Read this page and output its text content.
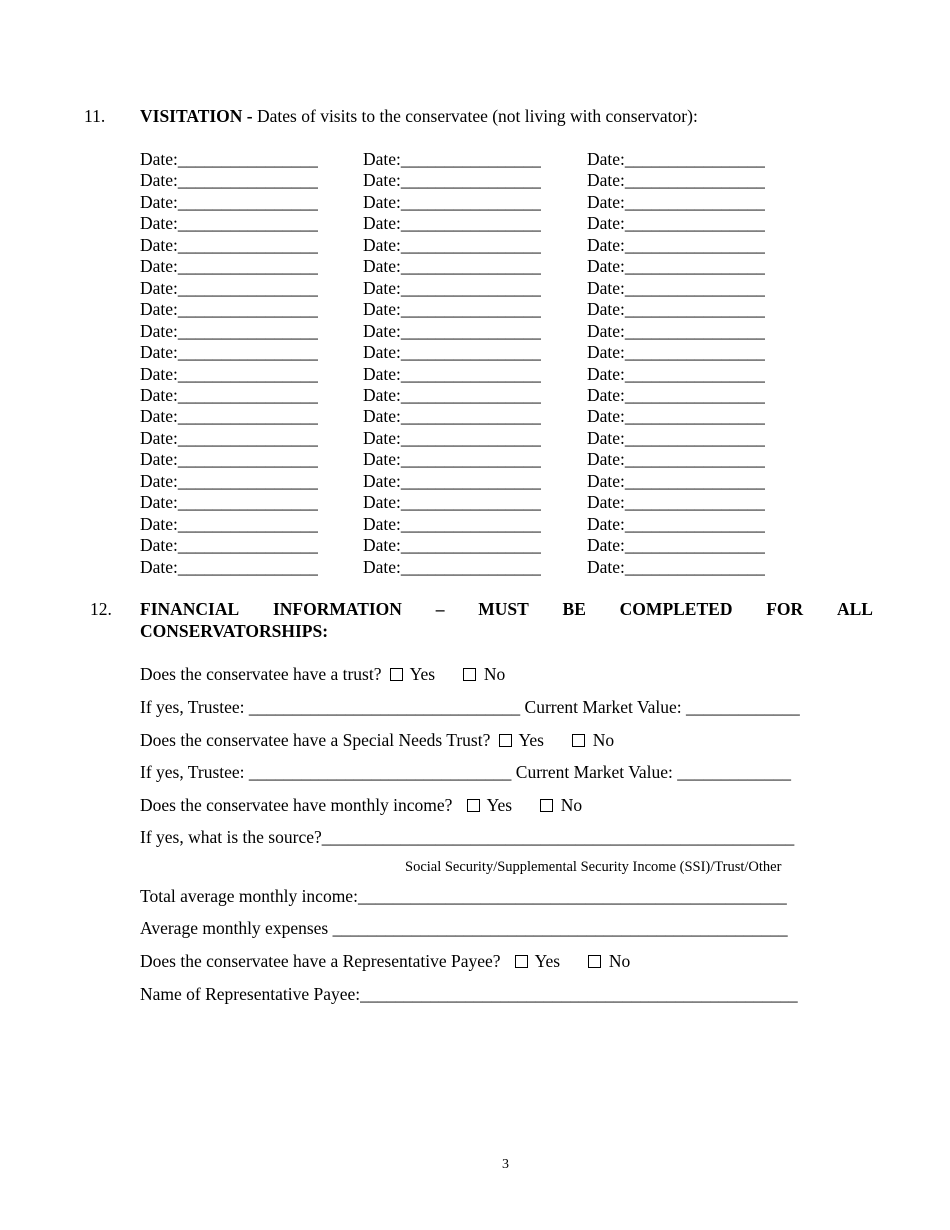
11. VISITATION - Dates of visits to the conservatee (not living with conservator):
Date:________________	Date:________________	Date:________________
Date:________________	Date:________________	Date:________________
Date:________________	Date:________________	Date:________________
Date:________________	Date:________________	Date:________________
Date:________________	Date:________________	Date:________________
Date:________________	Date:________________	Date:________________
Date:________________	Date:________________	Date:________________
Date:________________	Date:________________	Date:________________
Date:________________	Date:________________	Date:________________
Date:________________	Date:________________	Date:________________
Date:________________	Date:________________	Date:________________
Date:________________	Date:________________	Date:________________
Date:________________	Date:________________	Date:________________
Date:________________	Date:________________	Date:________________
Date:________________	Date:________________	Date:________________
Date:________________	Date:________________	Date:________________
Date:________________	Date:________________	Date:________________
Date:________________	Date:________________	Date:________________
Date:________________	Date:________________	Date:________________
Date:________________	Date:________________	Date:________________
12. FINANCIAL INFORMATION – MUST BE COMPLETED FOR ALL
CONSERVATORSHIPS:
Does the conservatee have a trust? Yes	No
If yes, Trustee: _______________________________ Current Market Value: _____________
Does the conservatee have a Special Needs Trust? Yes	No
If yes, Trustee: ______________________________ Current Market Value: _____________
Does the conservatee have monthly income? Yes	No
If yes, what is the source?______________________________________________________
Social Security/Supplemental Security Income (SSI)/Trust/Other
Total average monthly income:_________________________________________________
Average monthly expenses ____________________________________________________
Does the conservatee have a Representative Payee? Yes	No
Name of Representative Payee:__________________________________________________
3
